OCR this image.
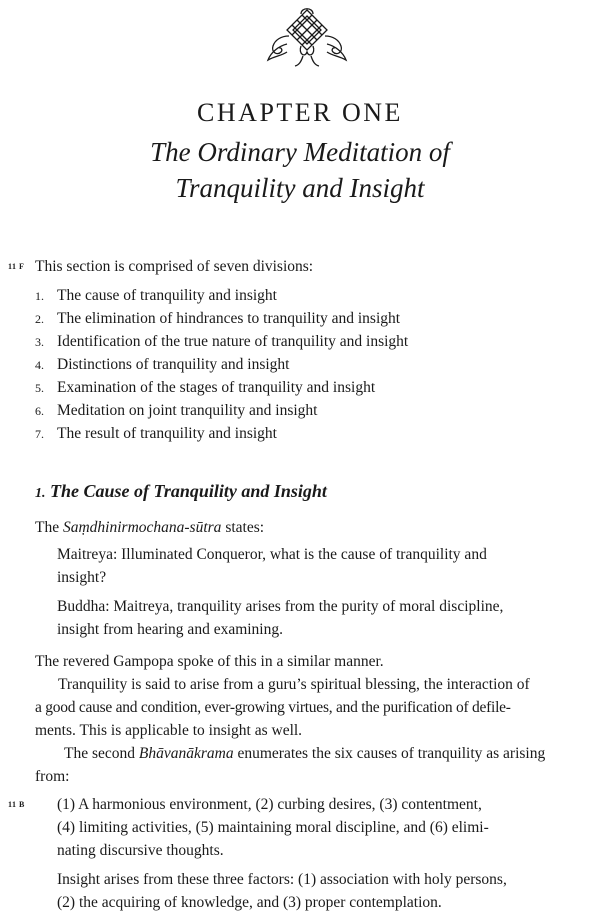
CHAPTER ONE
The Ordinary Meditation of
Tranquility and Insight
11 F This section is comprised of seven divisions:
1. The cause of tranquility and insight
2. The elimination of hindrances to tranquility and insight
3. Identification of the true nature of tranquility and insight
4. Distinctions of tranquility and insight
5. Examination of the stages of tranquility and insight
6. Meditation on joint tranquility and insight
7. The result of tranquility and insight
1. The Cause of Tranquility and Insight
The Saṃdhinirmochana-sūtra states:
Maitreya: Illuminated Conqueror, what is the cause of tranquility and
insight?
Buddha: Maitreya, tranquility arises from the purity of moral discipline,
insight from hearing and examining.
The revered Gampopa spoke of this in a similar manner.
Tranquility is said to arise from a guru’s spiritual blessing, the interaction of
a good cause and condition, ever-growing virtues, and the purification of defile-
ments. This is applicable to insight as well.
The second Bhāvanākrama enumerates the six causes of tranquility as arising
from:
11 B (1) A harmonious environment, (2) curbing desires, (3) contentment,
(4) limiting activities, (5) maintaining moral discipline, and (6) elimi-
nating discursive thoughts.
Insight arises from these three factors: (1) association with holy persons,
(2) the acquiring of knowledge, and (3) proper contemplation.
